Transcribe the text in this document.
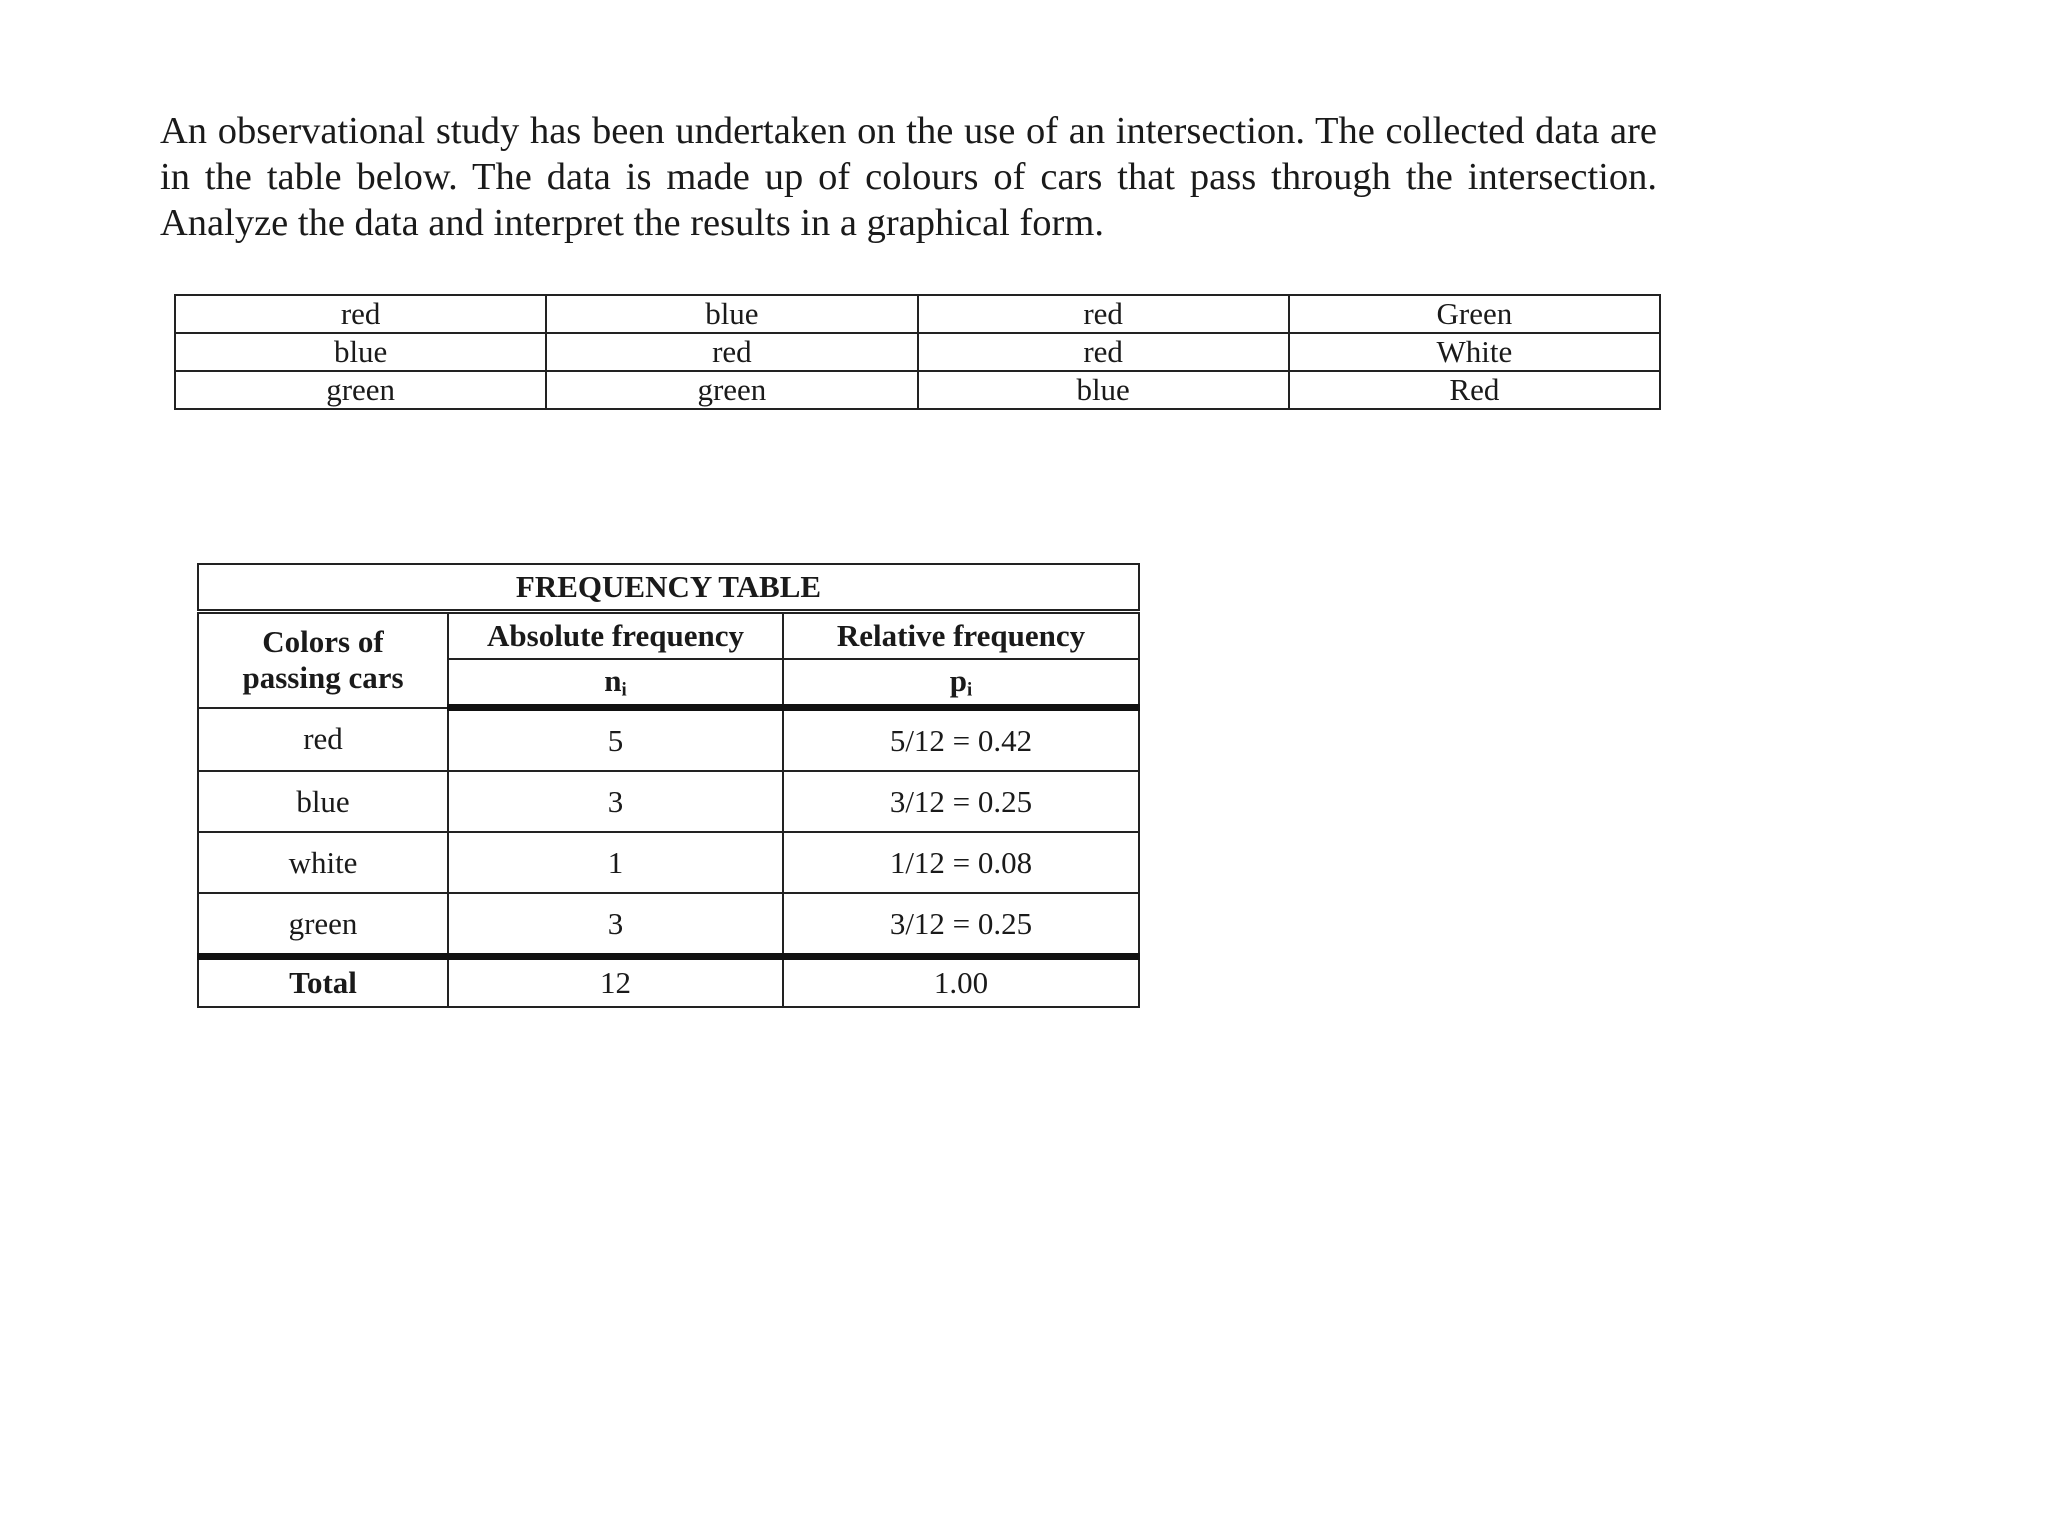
An observational study has been undertaken on the use of an intersection. The collected data are in the table below. The data is made up of colours of cars that pass through the intersection. Analyze the data and interpret the results in a graphical form.

red	blue	red	Green
blue	red	red	White
green	green	blue	Red
FREQUENCY TABLE		
Colors of
passing cars	Absolute frequency	Relative frequency
	$n_i$	$p_i$
red	5	5/12 = 0.42
blue	3	3/12 = 0.25
white	1	1/12 = 0.08
green	3	3/12 = 0.25
Total	12	1.00
